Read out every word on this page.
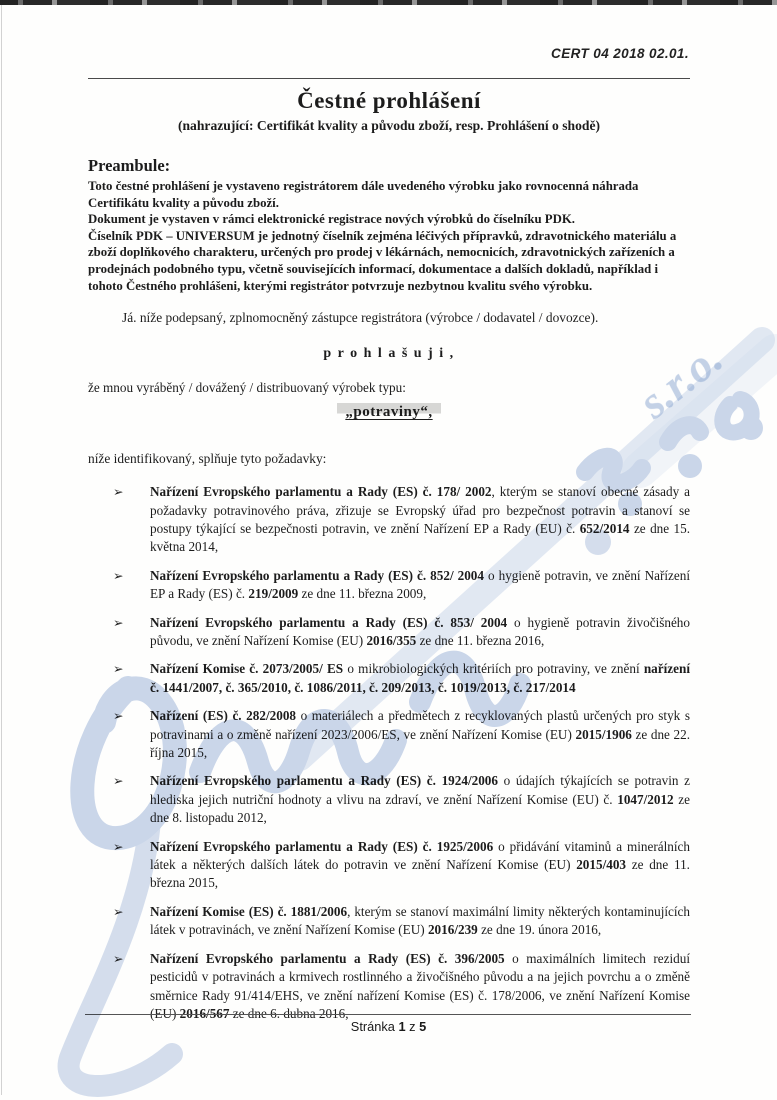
CERT 04 2018 02.01.
Čestné prohlášení

(nahrazující: Certifikát kvality a původu zboží, resp. Prohlášení o shodě)

Preambule:

Toto čestné prohlášení je vystaveno registrátorem dále uvedeného výrobku jako rovnocenná náhrada Certifikátu kvality a původu zboží.

Dokument je vystaven v rámci elektronické registrace nových výrobků do číselníku PDK.

Číselník PDK – UNIVERSUM je jednotný číselník zejména léčivých přípravků, zdravotnického materiálu a zboží doplňkového charakteru, určených pro prodej v lékárnách, nemocnicích, zdravotnických zařízeních a prodejnách podobného typu, včetně souvisejících informací, dokumentace a dalších dokladů, například i tohoto Čestného prohlášeni, kterými registrátor potvrzuje nezbytnou kvalitu svého výrobku.

Já. níže podepsaný, zplnomocněný zástupce registrátora (výrobce / dodavatel / dovozce).

p r o h l a š u j i ,

že mnou vyráběný / dovážený / distribuovaný výrobek typu:

„potraviny“,

níže identifikovaný, splňuje tyto požadavky:

➢	Nařízení Evropského parlamentu a Rady (ES) č. 178/ 2002, kterým se stanoví obecné zásady a požadavky potravinového práva, zřizuje se Evropský úřad pro bezpečnost potravin a stanoví se postupy týkající se bezpečnosti potravin, ve znění Nařízení EP a Rady (EU) č. 652/2014 ze dne 15. května 2014,

➢	Nařízení Evropského parlamentu a Rady (ES) č. 852/ 2004 o hygieně potravin, ve znění Nařízení EP a Rady (ES) č. 219/2009 ze dne 11. března 2009,

➢	Nařízení Evropského parlamentu a Rady (ES) č. 853/ 2004 o hygieně potravin živočišného původu, ve znění Nařízení Komise (EU) 2016/355 ze dne 11. března 2016,

➢	Nařízení Komise č. 2073/2005/ ES o mikrobiologických kritériích pro potraviny, ve znění nařízení č. 1441/2007, č. 365/2010, č. 1086/2011, č. 209/2013, č. 1019/2013, č. 217/2014

➢	Nařízení (ES) č. 282/2008 o materiálech a předmětech z recyklovaných plastů určených pro styk s potravinami a o změně nařízení 2023/2006/ES, ve znění Nařízení Komise (EU) 2015/1906 ze dne 22. října 2015,

➢	Nařízení Evropského parlamentu a Rady (ES) č. 1924/2006 o údajích týkajících se potravin z hlediska jejich nutriční hodnoty a vlivu na zdraví, ve znění Nařízení Komise (EU) č. 1047/2012 ze dne 8. listopadu 2012,

➢	Nařízení Evropského parlamentu a Rady (ES) č. 1925/2006 o přidávání vitaminů a minerálních látek a některých dalších látek do potravin ve znění Nařízení Komise (EU) 2015/403 ze dne 11. března 2015,

➢	Nařízení Komise (ES) č. 1881/2006, kterým se stanoví maximální limity některých kontaminujících látek v potravinách, ve znění Nařízení Komise (EU) 2016/239 ze dne 19. února 2016,

➢	Nařízení Evropského parlamentu a Rady (ES) č. 396/2005 o maximálních limitech reziduí pesticidů v potravinách a krmivech rostlinného a živočišného původu a na jejich povrchu a o změně směrnice Rady 91/414/EHS, ve znění nařízení Komise (ES) č. 178/2006, ve znění Nařízení Komise (EU) 2016/567 ze dne 6. dubna 2016,

Stránka 1 z 5
s.r.o.
